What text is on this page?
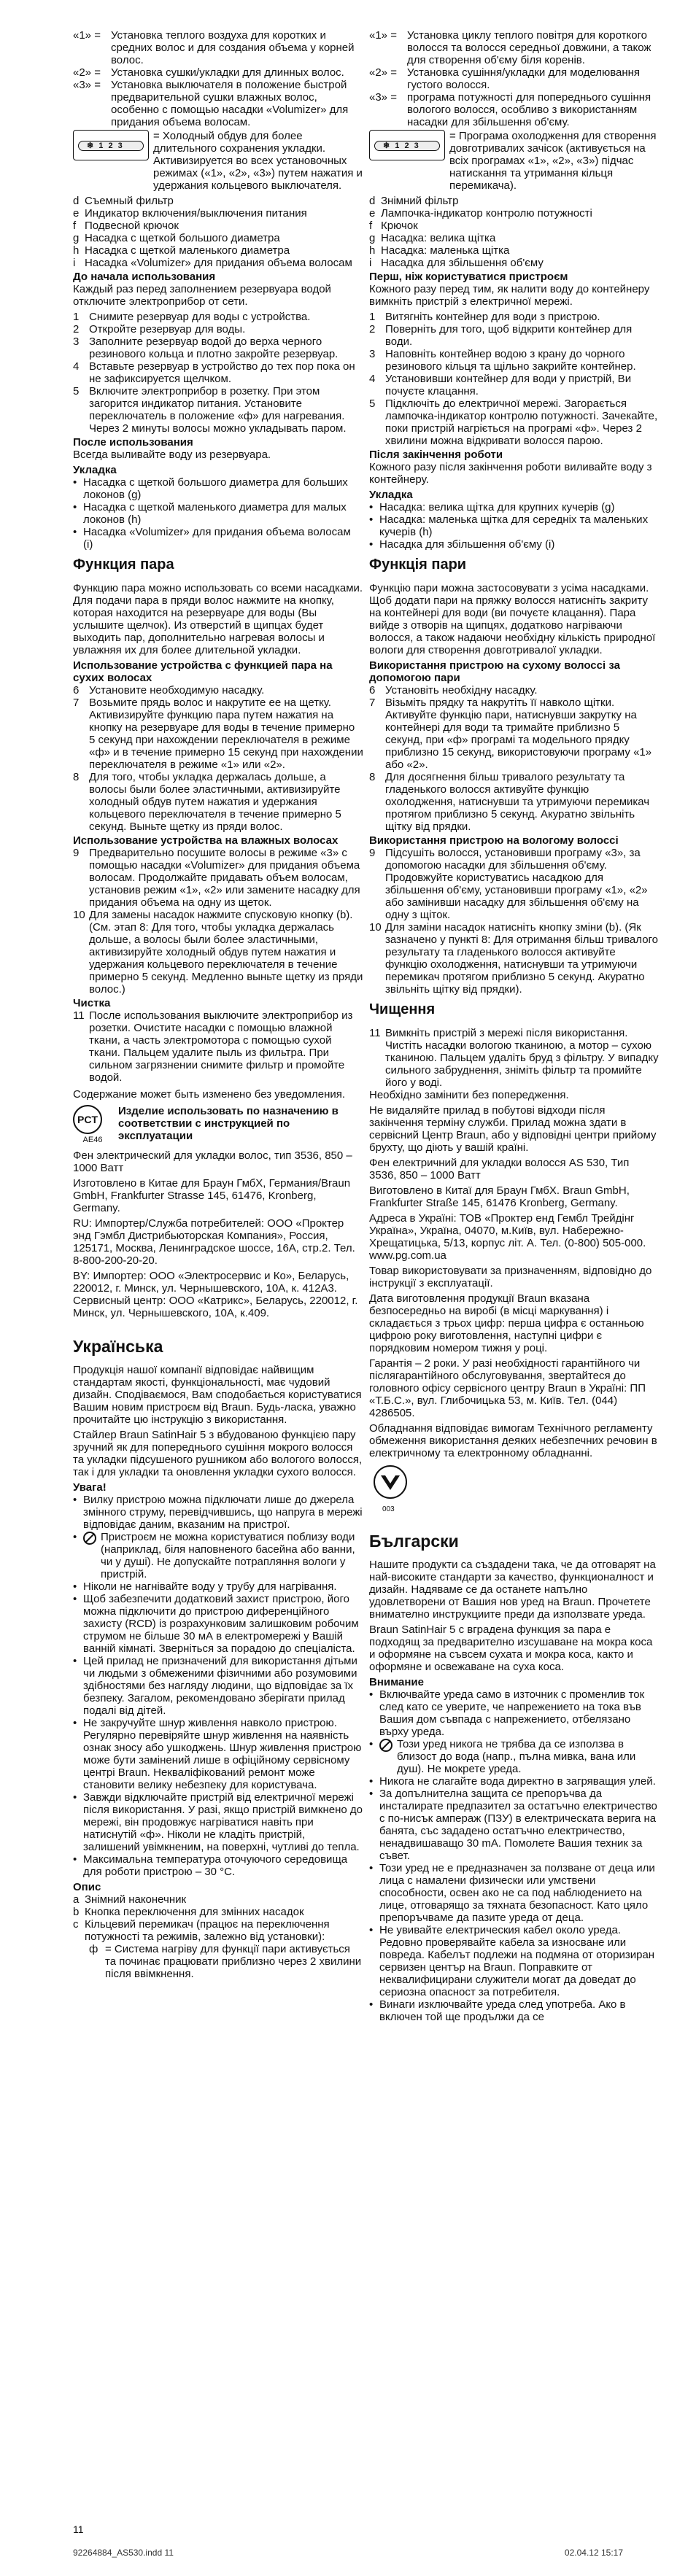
«1» = Установка теплого воздуха для коротких и средних волос и для создания объема у корней волос.
«2» = Установка сушки/укладки для длинных волос.
«3» = Установка выключателя в положение быстрой предварительной сушки влажных волос, особенно с помощью насадки «Volumizer» для придания объема волосам.
❄ 1 2 3
= Холодный обдув для более длительного сохранения укладки. Активизируется во всех установочных режимах («1», «2», «3») путем нажатия и удержания кольцевого выключателя.
d Съемный фильтр
e Индикатор включения/выключения питания
f Подвесной крючок
g Насадка с щеткой большого диаметра
h Насадка с щеткой маленького диаметра
i Насадка «Volumizer» для придания объема волосам

До начала использования

Каждый раз перед заполнением резервуара водой отключите электроприбор от сети.

1 Снимите резервуар для воды с устройства.
2 Откройте резервуар для воды.
3 Заполните резервуар водой до верха черного резинового кольца и плотно закройте резервуар.
4 Вставьте резервуар в устройство до тех пор пока он не зафиксируется щелчком.
5 Включите электроприбор в розетку. При этом загорится индикатор питания. Установите переключатель в положение «ф» для нагревания. Через 2 минуты волосы можно укладывать паром.

После использования

Всегда выливайте воду из резервуара.

Укладка

• Насадка с щеткой большого диаметра для больших локонов (g)
• Насадка с щеткой маленького диаметра для малых локонов (h)
• Насадка «Volumizer» для придания объема волосам (i)

Функция пара

Функцию пара можно использовать со всеми насадками. Для подачи пара в пряди волос нажмите на кнопку, которая находится на резервуаре для воды (Вы услышите щелчок). Из отверстий в щипцах будет выходить пар, дополнительно нагревая волосы и увлажняя их для более длительной укладки.

Использование устройства с функцией пара на сухих волосах

6 Установите необходимую насадку.
7 Возьмите прядь волос и накрутите ее на щетку. Активизируйте функцию пара путем нажатия на кнопку на резервуаре для воды в течение примерно 5 секунд при нахождении переключателя в режиме «ф» и в течение примерно 15 секунд при нахождении переключателя в режиме «1» или «2».
8 Для того, чтобы укладка держалась дольше, а волосы были более эластичными, активизируйте холодный обдув путем нажатия и удержания кольцевого переключателя в течение примерно 5 секунд. Выньте щетку из пряди волос.

Использование устройства на влажных волосах

9 Предварительно посушите волосы в режиме «3» с помощью насадки «Volumizer» для придания объема волосам. Продолжайте придавать объем волосам, установив режим «1», «2» или замените насадку для придания объема на одну из щеток.
10 Для замены насадок нажмите спусковую кнопку (b). (См. этап 8: Для того, чтобы укладка держалась дольше, а волосы были более эластичными, активизируйте холодный обдув путем нажатия и удержания кольцевого переключателя в течение примерно 5 секунд. Медленно выньте щетку из пряди волос.)

Чистка

11 После использования выключите электроприбор из розетки. Очистите насадки с помощью влажной ткани, а часть электромотора с помощью сухой ткани. Пальцем удалите пыль из фильтра. При сильном загрязнении снимите фильтр и промойте водой.

Содержание может быть изменено без уведомления.

PCT
AE46
Изделие использовать по назначению в соответствии с инструкцией по эксплуатации

Фен электрический для укладки волос, тип 3536, 850 – 1000 Ватт

Изготовлено в Китае для Браун ГмбХ, Германия/Braun GmbH, Frankfurter Strasse 145, 61476, Kronberg, Germany.

RU: Импортер/Служба потребителей: ООО «Проктер энд Гэмбл Дистрибьюторская Компания», Россия, 125171, Москва, Ленинградское шоссе, 16А, стр.2. Тел. 8-800-200-20-20.

BY: Импортер: ООО «Электросервис и Ко», Беларусь, 220012, г. Минск, ул. Чернышевского, 10А, к. 412А3. Сервисный центр: ООО «Катрикс», Беларусь, 220012, г. Минск, ул. Чернышевского, 10А, к.409.

Українська

Продукція нашої компанії відповідає найвищим стандартам якості, функціональності, має чудовий дизайн. Сподіваємося, Вам сподобається користуватися Вашим новим пристроєм від Braun. Будь-ласка, уважно прочитайте цю інструкцію з використання.

Стайлер Braun SatinHair 5 з вбудованою функцією пару зручний як для попереднього сушіння мокрого волосся та укладки підсушеного рушником або вологого волосся, так і для укладки та оновлення укладки сухого волосся.

Увага!

• Вилку пристрою можна підключати лише до джерела змінного струму, перевідчившись, що напруга в мережі відповідає даним, вказаним на пристрої.
•	Пристроєм не можна користуватися поблизу води (наприклад, біля наповненого басейна або ванни, чи у душі). Не допускайте потрапляння вологи у пристрій.
• Ніколи не нагнівайте воду у трубу для нагрівання.
• Щоб забезпечити додатковий захист пристрою, його можна підключити до пристрою диференційного захисту (RCD) із розрахунковим залишковим робочим струмом не більше 30 мА в електромережі у Вашій ванній кімнаті. Зверніться за порадою до спеціаліста.
• Цей прилад не призначений для використання дітьми чи людьми з обмеженими фізичними або розумовими здібностями без нагляду людини, що відповідає за їх безпеку. Загалом, рекомендовано зберігати прилад подалі від дітей.
• Не закручуйте шнур живлення навколо пристрою. Регулярно перевіряйте шнур живлення на наявність ознак зносу або ушкоджень. Шнур живлення пристрою може бути замінений лише в офіційному сервісному центрі Braun. Некваліфікований ремонт може становити велику небезпеку для користувача.
• Завжди відключайте пристрій від електричної мережі після використання. У разі, якщо пристрій вимкнено до мережі, він продовжує нагріватися навіть при натиснутій «ф». Ніколи не кладіть пристрій, залишений увімкненим, на поверхні, чутливі до тепла.
• Максимальна температура оточуючого середовища для роботи пристрою – 30 °С.

Опис

a Знімний наконечник
b Кнопка переключення для змінних насадок
c Кільцевий перемикач (працює на переключення потужності та режимів, залежно від установки):
ф = Система нагріву для функції пари активується та починає працювати приблизно через 2 хвилини після ввімкнення.
«1» = Установка циклу теплого повітря для короткого волосся та волосся середньої довжини, а також для створення об'єму біля коренів.
«2» = Установка сушіння/укладки для моделювання густого волосся.
«3» = програма потужності для попереднього сушіння вологого волосся, особливо з використанням насадки для збільшення об'єму.
❄ 1 2 3
= Програма охолодження для створення довготривалих зачісок (активується на всіх програмах «1», «2», «3») підчас натискання та утримання кільця перемикача).
d Знімний фільтр
e Лампочка-індикатор контролю потужності
f Крючок
g Насадка: велика щітка
h Насадка: маленька щітка
i Насадка для збільшення об'єму

Перш, ніж користуватися пристроєм

Кожного разу перед тим, як налити воду до контейнеру вимкніть пристрій з електричної мережі.

1 Витягніть контейнер для води з пристрою.
2 Поверніть для того, щоб відкрити контейнер для води.
3 Наповніть контейнер водою з крану до чорного резинового кільця та щільно закрийте контейнер.
4 Установивши контейнер для води у пристрій, Ви почуєте клацання.
5 Підключіть до електричної мережі. Загорається лампочка-індикатор контролю потужності. Зачекайте, поки пристрій нагріється на програмі «ф». Через 2 хвилини можна відкривати волосся парою.

Після закінчення роботи

Кожного разу після закінчення роботи виливайте воду з контейнеру.

Укладка

• Насадка: велика щітка для крупних кучерів (g)
• Насадка: маленька щітка для середніх та маленьких кучерів (h)
• Насадка для збільшення об'єму (i)

Функція пари

Функцію пари можна застосовувати з усіма насадками. Щоб додати пари на пряжку волосся натисніть закриту на контейнері для води (ви почуєте клацання). Пара вийде з отворів на щипцях, додатково нагріваючи волосся, а також надаючи необхідну кількість природної вологи для створення довготривалої укладки.

Використання пристрою на сухому волоссі за допомогою пари

6 Установіть необхідну насадку.
7 Візьміть прядку та накрутіть її навколо щітки. Активуйте функцію пари, натиснувши закрутку на контейнері для води та тримайте приблизно 5 секунд, при «ф» програмі та модельного прядку приблизно 15 секунд, використовуючи програму «1» або «2».
8 Для досягнення більш тривалого результату та гладенького волосся активуйте функцію охолодження, натиснувши та утримуючи перемикач протягом приблизно 5 секунд. Акуратно звільніть щітку від прядки.

Використання пристрою на вологому волоссі

9 Підсушіть волосся, установивши програму «3», за допомогою насадки для збільшення об'єму. Продовжуйте користуватись насадкою для збільшення об'єму, установивши програму «1», «2» або замінивши насадку для збільшення об'єму на одну з щіток.
10 Для заміни насадок натисніть кнопку зміни (b). (Як зазначено у пункті 8: Для отримання більш тривалого результату та гладенького волосся активуйте функцію охолодження, натиснувши та утримуючи перемикач протягом приблизно 5 секунд. Акуратно звільніть щітку від прядки).

Чищення

11 Вимкніть пристрій з мережі після використання. Чистіть насадки вологою тканиною, а мотор – сухою тканиною. Пальцем удаліть бруд з фільтру. У випадку сильного забруднення, зніміть фільтр та промийте його у воді.

Необхідно замінити без попередження.

Не видаляйте прилад в побутові відходи після закінчення терміну служби. Прилад можна здати в сервісний Центр Braun, або у відповідні центри прийому брухту, що діють у вашій країні.

Фен електричний для укладки волосся AS 530, Тип 3536, 850 – 1000 Ватт

Виготовлено в Китаї для Браун ГмбХ. Braun GmbH, Frankfurter Straße 145, 61476 Kronberg, Germany.

Адреса в Україні: ТОВ «Проктер енд Гембл Трейдінг Україна», Україна, 04070, м.Київ, вул. Набережно-Хрещатицька, 5/13, корпус літ. А. Тел. (0-800) 505-000. www.pg.com.ua

Товар використовувати за призначенням, відповідно до інструкції з експлуатації.

Дата виготовлення продукції Braun вказана безпосередньо на виробі (в місці маркування) і складається з трьох цифр: перша цифра є останньою цифрою року виготовлення, наступні цифри є порядковим номером тижня у році.

Гарантія – 2 роки. У разі необхідності гарантійного чи післягарантійного обслуговування, звертайтеся до головного офісу сервісного центру Braun в Україні: ПП «Т.Б.С.», вул. Глибочицька 53, м. Київ. Тел. (044) 4286505.

Обладнання відповідає вимогам Технічного регламенту обмеження використання деяких небезпечних речовин в електричному та електронному обладнанні.

003

Български

Нашите продукти са създадени така, че да отговарят на най-високите стандарти за качество, функционалност и дизайн. Надяваме се да останете напълно удовлетворени от Вашия нов уред на Braun. Прочетете внимателно инструкциите преди да използвате уреда.

Braun SatinHair 5 с вградена функция за пара е подходящ за предварително изсушаване на мокра коса и оформяне на съвсем сухата и мокра коса, както и оформяне и освежаване на суха коса.

Внимание

• Включвайте уреда само в източник с променлив ток след като се уверите, че напрежението на тока във Вашия дом съвпада с напрежението, отбелязано върху уреда.
•	Този уред никога не трябва да се използва в близост до вода (напр., пълна мивка, вана или душ). Не мокрете уреда.
• Никога не слагайте вода директно в загряващия улей.
• За допълнителна защита се препоръчва да инсталирате предпазител за остатъчно електричество с по-нисък ампераж (ПЗУ) в електрическата верига на банята, със зададено остатъчно електричество, ненадвишаващо 30 mA. Помолете Вашия техник за съвет.
• Този уред не е предназначен за ползване от деца или лица с намалени физически или умствени способности, освен ако не са под наблюдението на лице, отговарящо за тяхната безопасност. Като цяло препоръчваме да пазите уреда от деца.
• Не увивайте електрическия кабел около уреда. Редовно проверявайте кабела за износване или повреда. Кабелът подлежи на подмяна от оторизиран сервизен център на Braun. Поправките от неквалифицирани служители могат да доведат до сериозна опасност за потребителя.
• Винаги изключвайте уреда след употреба. Ако в включен той ще продължи да се
11
92264884_AS530.indd 11	02.04.12 15:17
